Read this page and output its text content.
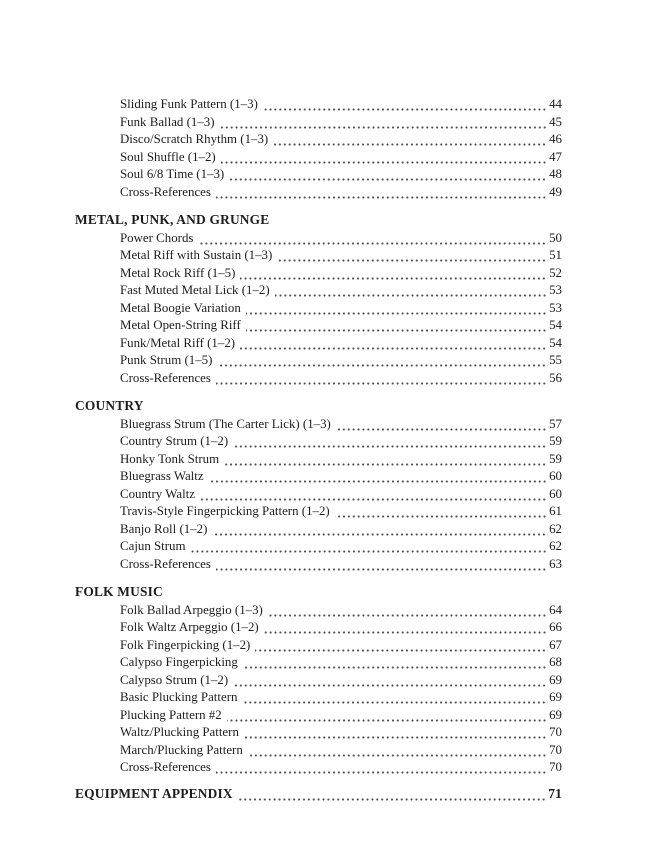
Sliding Funk Pattern (1–3)	44
Funk Ballad (1–3)	45
Disco/Scratch Rhythm (1–3)	46
Soul Shuffle (1–2)	47
Soul 6/8 Time (1–3)	48
Cross-References	49
METAL, PUNK, AND GRUNGE
Power Chords	50
Metal Riff with Sustain (1–3)	51
Metal Rock Riff (1–5)	52
Fast Muted Metal Lick (1–2)	53
Metal Boogie Variation	53
Metal Open-String Riff	54
Funk/Metal Riff (1–2)	54
Punk Strum (1–5)	55
Cross-References	56
COUNTRY
Bluegrass Strum (The Carter Lick) (1–3)	57
Country Strum (1–2)	59
Honky Tonk Strum	59
Bluegrass Waltz	60
Country Waltz	60
Travis-Style Fingerpicking Pattern (1–2)	61
Banjo Roll (1–2)	62
Cajun Strum	62
Cross-References	63
FOLK MUSIC
Folk Ballad Arpeggio (1–3)	64
Folk Waltz Arpeggio (1–2)	66
Folk Fingerpicking (1–2)	67
Calypso Fingerpicking	68
Calypso Strum (1–2)	69
Basic Plucking Pattern	69
Plucking Pattern #2	69
Waltz/Plucking Pattern	70
March/Plucking Pattern	70
Cross-References	70
EQUIPMENT APPENDIX	71
